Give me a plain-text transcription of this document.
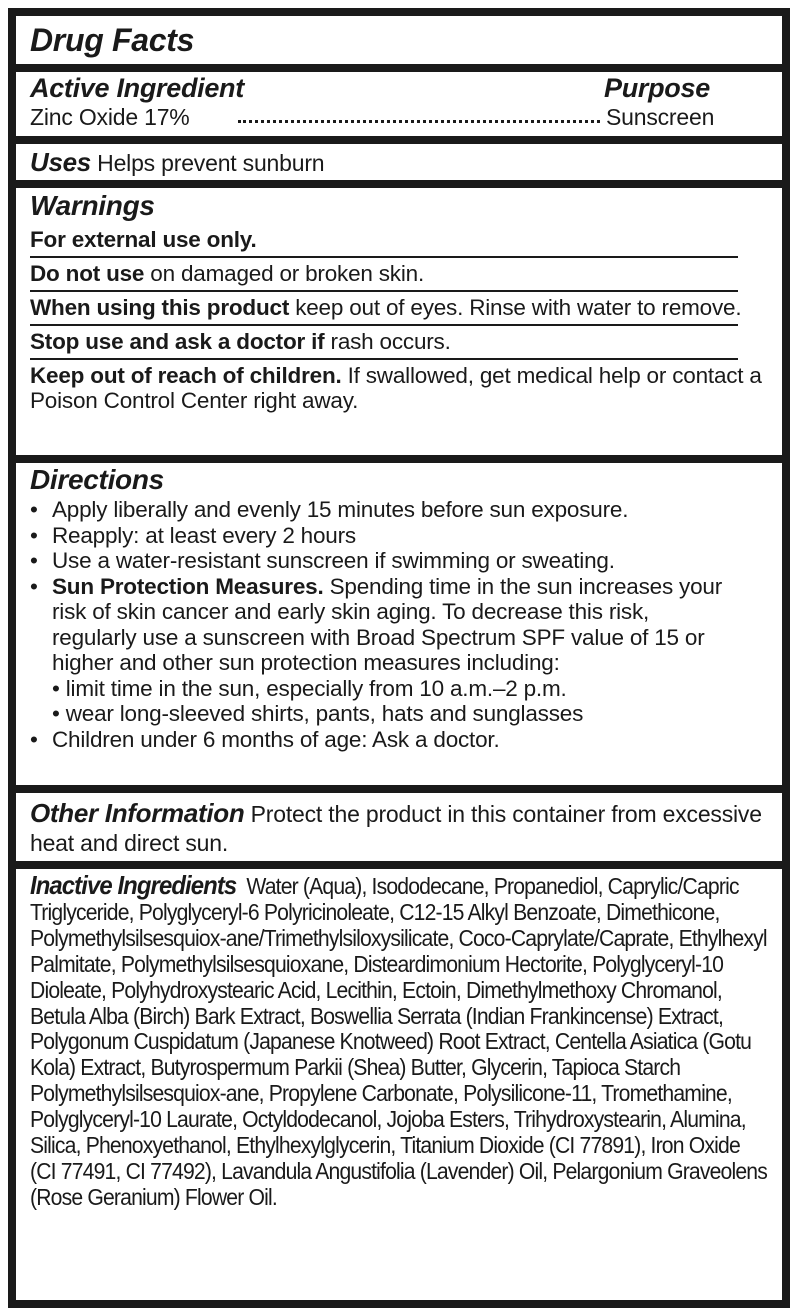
Drug Facts
Active Ingredient	Purpose
Zinc Oxide 17%	Sunscreen
Uses Helps prevent sunburn
Warnings
For external use only.
Do not use on damaged or broken skin.
When using this product keep out of eyes. Rinse with water to remove.
Stop use and ask a doctor if rash occurs.
Keep out of reach of children. If swallowed, get medical help or contact a Poison Control Center right away.
Directions
• Apply liberally and evenly 15 minutes before sun exposure.
• Reapply: at least every 2 hours
• Use a water-resistant sunscreen if swimming or sweating.
• Sun Protection Measures. Spending time in the sun increases your risk of skin cancer and early skin aging. To decrease this risk, regularly use a sunscreen with Broad Spectrum SPF value of 15 or higher and other sun protection measures including:
• limit time in the sun, especially from 10 a.m.–2 p.m.
• wear long-sleeved shirts, pants, hats and sunglasses
• Children under 6 months of age: Ask a doctor.
Other Information Protect the product in this container from excessive heat and direct sun.
Inactive Ingredients  Water (Aqua), Isododecane, Propanediol, Caprylic/Capric Triglyceride, Polyglyceryl-6 Polyricinoleate, C12-15 Alkyl Benzoate, Dimethicone, Polymethylsilsesquiox-ane/Trimethylsiloxysilicate, Coco-Caprylate/Caprate, Ethylhexyl Palmitate, Polymethylsilsesquioxane, Disteardimonium Hectorite, Polyglyceryl-10 Dioleate, Polyhydroxystearic Acid, Lecithin, Ectoin, Dimethylmethoxy Chromanol, Betula Alba (Birch) Bark Extract, Boswellia Serrata (Indian Frankincense) Extract, Polygonum Cuspidatum (Japanese Knotweed) Root Extract, Centella Asiatica (Gotu Kola) Extract, Butyrospermum Parkii (Shea) Butter, Glycerin, Tapioca Starch Polymethylsilsesquiox-ane, Propylene Carbonate, Polysilicone-11, Tromethamine, Polyglyceryl-10 Laurate, Octyldodecanol, Jojoba Esters, Trihydroxystearin, Alumina, Silica, Phenoxyethanol, Ethylhexylglycerin, Titanium Dioxide (CI 77891), Iron Oxide (CI 77491, CI 77492), Lavandula Angustifolia (Lavender) Oil, Pelargonium Graveolens (Rose Geranium) Flower Oil.
